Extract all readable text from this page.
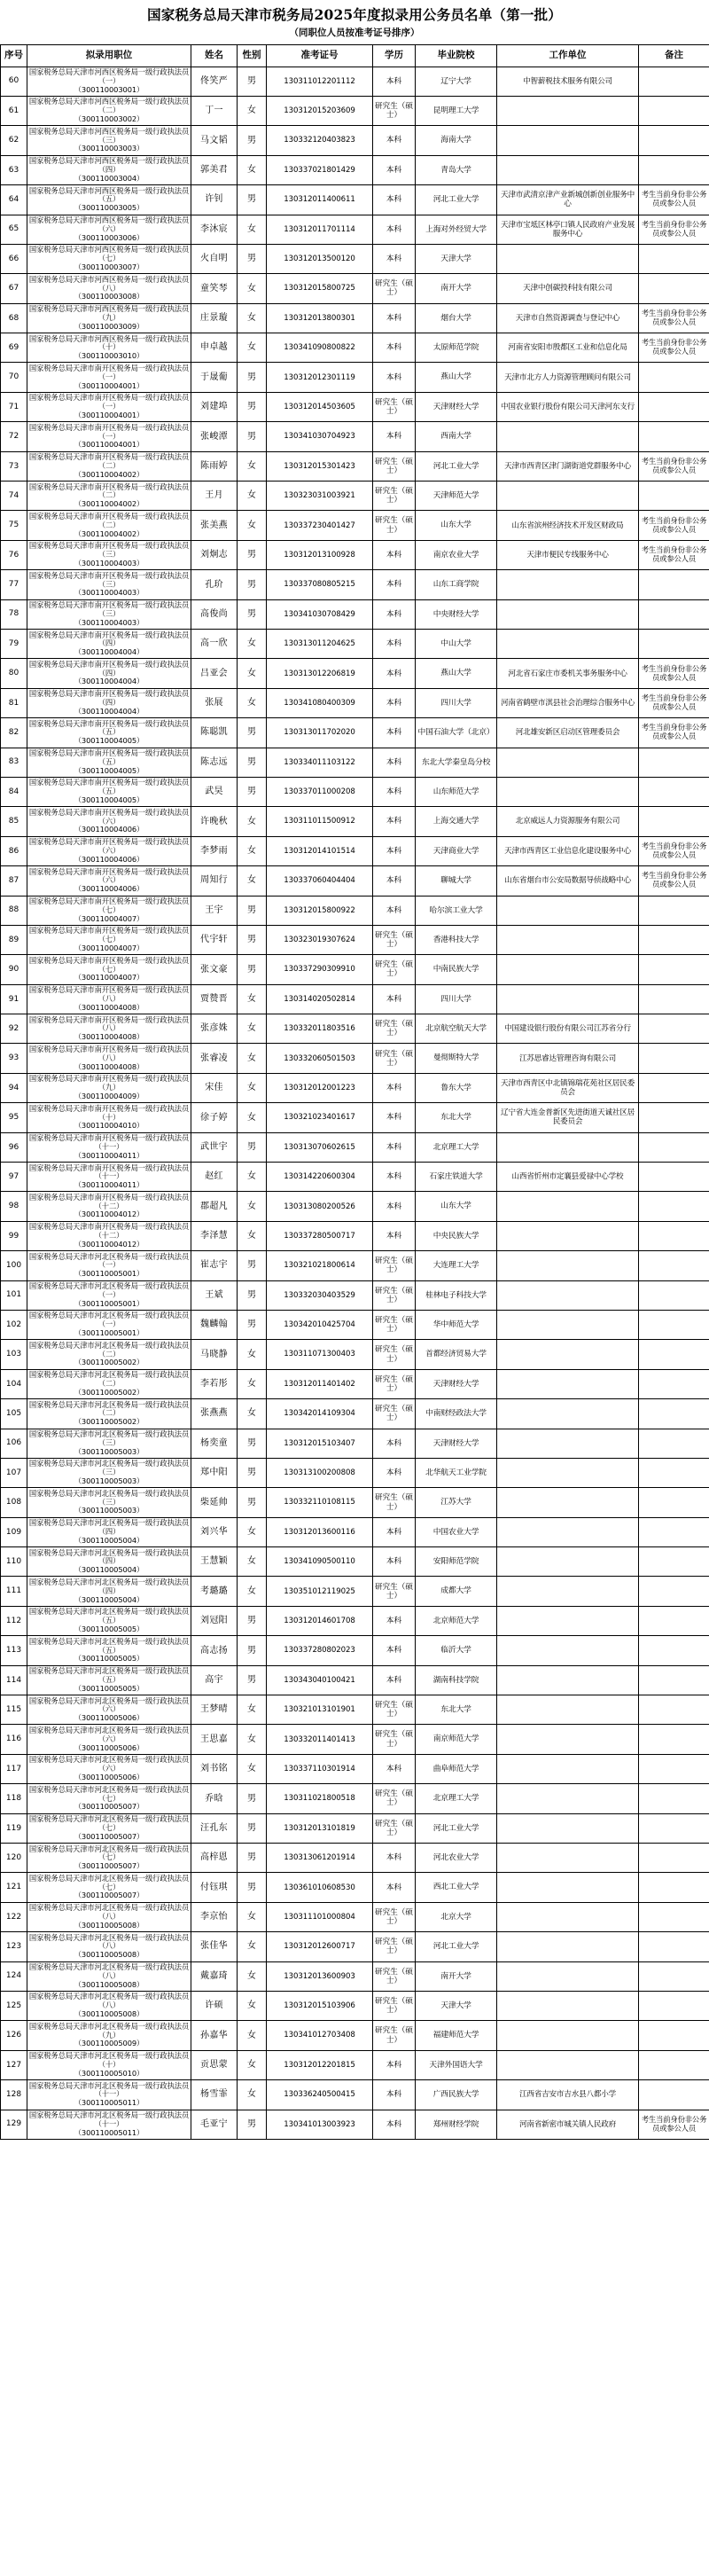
国家税务总局天津市税务局2025年度拟录用公务员名单（第一批）
（同职位人员按准考证号排序）
序号	拟录用职位	姓名	性别	准考证号	学历	毕业院校	工作单位	备注
60	国家税务总局天津市河西区税务局一级行政执法员（一）
（300110003001）	佟笑严	男	130311012201112	本科	辽宁大学	中智薪税技术服务有限公司	
61	国家税务总局天津市河西区税务局一级行政执法员（二）
（300110003002）	丁一	女	130312015203609	研究生（硕士）	昆明理工大学		
62	国家税务总局天津市河西区税务局一级行政执法员（三）
（300110003003）	马文韬	男	130332120403823	本科	海南大学		
63	国家税务总局天津市河西区税务局一级行政执法员（四）
（300110003004）	郭美君	女	130337021801429	本科	青岛大学		
64	国家税务总局天津市河西区税务局一级行政执法员（五）
（300110003005）	许钊	男	130312011400611	本科	河北工业大学	天津市武清京津产业新城创新创业服务中心	考生当前身份非公务员或参公人员
65	国家税务总局天津市河西区税务局一级行政执法员（六）
（300110003006）	李沐宸	女	130312011701114	本科	上海对外经贸大学	天津市宝坻区林亭口镇人民政府产业发展服务中心	考生当前身份非公务员或参公人员
66	国家税务总局天津市河西区税务局一级行政执法员（七）
（300110003007）	火自明	男	130312013500120	本科	天津大学		
67	国家税务总局天津市河西区税务局一级行政执法员（八）
（300110003008）	童笑琴	女	130312015800725	研究生（硕士）	南开大学	天津中创碳投科技有限公司	
68	国家税务总局天津市河西区税务局一级行政执法员（九）
（300110003009）	庄景璇	女	130312013800301	本科	烟台大学	天津市自然资源调查与登记中心	考生当前身份非公务员或参公人员
69	国家税务总局天津市河西区税务局一级行政执法员（十）
（300110003010）	申卓越	女	130341090800822	本科	太原师范学院	河南省安阳市殷都区工业和信息化局	考生当前身份非公务员或参公人员
70	国家税务总局天津市南开区税务局一级行政执法员（一）
（300110004001）	于晟葡	男	130312012301119	本科	燕山大学	天津市北方人力资源管理顾问有限公司	
71	国家税务总局天津市南开区税务局一级行政执法员（一）
（300110004001）	刘建埠	男	130312014503605	研究生（硕士）	天津财经大学	中国农业银行股份有限公司天津河东支行	
72	国家税务总局天津市南开区税务局一级行政执法员（一）
（300110004001）	张峻潭	男	130341030704923	本科	西南大学		
73	国家税务总局天津市南开区税务局一级行政执法员（二）
（300110004002）	陈雨婷	女	130312015301423	研究生（硕士）	河北工业大学	天津市西青区津门湖街道党群服务中心	考生当前身份非公务员或参公人员
74	国家税务总局天津市南开区税务局一级行政执法员（二）
（300110004002）	王月	女	130323031003921	研究生（硕士）	天津师范大学		
75	国家税务总局天津市南开区税务局一级行政执法员（二）
（300110004002）	张美燕	女	130337230401427	研究生（硕士）	山东大学	山东省滨州经济技术开发区财政局	考生当前身份非公务员或参公人员
76	国家税务总局天津市南开区税务局一级行政执法员（三）
（300110004003）	刘炯志	男	130312013100928	本科	南京农业大学	天津市便民专线服务中心	考生当前身份非公务员或参公人员
77	国家税务总局天津市南开区税务局一级行政执法员（三）
（300110004003）	孔玠	男	130337080805215	本科	山东工商学院		
78	国家税务总局天津市南开区税务局一级行政执法员（三）
（300110004003）	高俊尚	男	130341030708429	本科	中央财经大学		
79	国家税务总局天津市南开区税务局一级行政执法员（四）
（300110004004）	高一欣	女	130313011204625	本科	中山大学		
80	国家税务总局天津市南开区税务局一级行政执法员（四）
（300110004004）	吕亚会	女	130313012206819	本科	燕山大学	河北省石家庄市委机关事务服务中心	考生当前身份非公务员或参公人员
81	国家税务总局天津市南开区税务局一级行政执法员（四）
（300110004004）	张展	女	130341080400309	本科	四川大学	河南省鹤壁市淇县社会治理综合服务中心	考生当前身份非公务员或参公人员
82	国家税务总局天津市南开区税务局一级行政执法员（五）
（300110004005）	陈聪凯	男	130313011702020	本科	中国石油大学（北京）	河北雄安新区启动区管理委员会	考生当前身份非公务员或参公人员
83	国家税务总局天津市南开区税务局一级行政执法员（五）
（300110004005）	陈志远	男	130334011103122	本科	东北大学秦皇岛分校		
84	国家税务总局天津市南开区税务局一级行政执法员（五）
（300110004005）	武昊	男	130337011000208	本科	山东师范大学		
85	国家税务总局天津市南开区税务局一级行政执法员（六）
（300110004006）	许晚秋	女	130311011500912	本科	上海交通大学	北京威远人力资源服务有限公司	
86	国家税务总局天津市南开区税务局一级行政执法员（六）
（300110004006）	李梦雨	女	130312014101514	本科	天津商业大学	天津市西青区工业信息化建设服务中心	考生当前身份非公务员或参公人员
87	国家税务总局天津市南开区税务局一级行政执法员（六）
（300110004006）	周知行	女	130337060404404	本科	聊城大学	山东省烟台市公安局数据导侦战略中心	考生当前身份非公务员或参公人员
88	国家税务总局天津市南开区税务局一级行政执法员（七）
（300110004007）	王宇	男	130312015800922	本科	哈尔滨工业大学		
89	国家税务总局天津市南开区税务局一级行政执法员（七）
（300110004007）	代宇轩	男	130323019307624	研究生（硕士）	香港科技大学		
90	国家税务总局天津市南开区税务局一级行政执法员（七）
（300110004007）	张文豪	男	130337290309910	研究生（硕士）	中南民族大学		
91	国家税务总局天津市南开区税务局一级行政执法员（八）
（300110004008）	贾赞晋	女	130314020502814	本科	四川大学		
92	国家税务总局天津市南开区税务局一级行政执法员（八）
（300110004008）	张彦姝	女	130332011803516	研究生（硕士）	北京航空航天大学	中国建设银行股份有限公司江苏省分行	
93	国家税务总局天津市南开区税务局一级行政执法员（八）
（300110004008）	张睿凌	女	130332060501503	研究生（硕士）	曼彻斯特大学	江苏思睿达管理咨询有限公司	
94	国家税务总局天津市南开区税务局一级行政执法员（九）
（300110004009）	宋佳	女	130312012001223	本科	鲁东大学	天津市西青区中北镇锦瑞花苑社区居民委员会	
95	国家税务总局天津市南开区税务局一级行政执法员（十）
（300110004010）	徐子婷	女	130321023401617	本科	东北大学	辽宁省大连金普新区先进街道天诚社区居民委员会	
96	国家税务总局天津市南开区税务局一级行政执法员（十一）
（300110004011）	武世宇	男	130313070602615	本科	北京理工大学		
97	国家税务总局天津市南开区税务局一级行政执法员（十一）
（300110004011）	赵红	女	130314220600304	本科	石家庄铁道大学	山西省忻州市定襄县爱禄中心学校	
98	国家税务总局天津市南开区税务局一级行政执法员（十二）
（300110004012）	郡超凡	女	130313080200526	本科	山东大学		
99	国家税务总局天津市南开区税务局一级行政执法员（十二）
（300110004012）	李泽慧	女	130337280500717	本科	中央民族大学		
100	国家税务总局天津市河北区税务局一级行政执法员（一）
（300110005001）	崔志宇	男	130321021800614	研究生（硕士）	大连理工大学		
101	国家税务总局天津市河北区税务局一级行政执法员（一）
（300110005001）	王斌	男	130332030403529	研究生（硕士）	桂林电子科技大学		
102	国家税务总局天津市河北区税务局一级行政执法员（一）
（300110005001）	魏麟翰	男	130342010425704	研究生（硕士）	华中师范大学		
103	国家税务总局天津市河北区税务局一级行政执法员（二）
（300110005002）	马晓静	女	130311071300403	研究生（硕士）	首都经济贸易大学		
104	国家税务总局天津市河北区税务局一级行政执法员（二）
（300110005002）	李若彤	女	130312011401402	研究生（硕士）	天津财经大学		
105	国家税务总局天津市河北区税务局一级行政执法员（二）
（300110005002）	张燕燕	女	130342014109304	研究生（硕士）	中南财经政法大学		
106	国家税务总局天津市河北区税务局一级行政执法员（三）
（300110005003）	杨奕童	男	130312015103407	本科	天津财经大学		
107	国家税务总局天津市河北区税务局一级行政执法员（三）
（300110005003）	郑中阳	男	130313100200808	本科	北华航天工业学院		
108	国家税务总局天津市河北区税务局一级行政执法员（三）
（300110005003）	柴延帅	男	130332110108115	研究生（硕士）	江苏大学		
109	国家税务总局天津市河北区税务局一级行政执法员（四）
（300110005004）	刘兴华	女	130312013600116	本科	中国农业大学		
110	国家税务总局天津市河北区税务局一级行政执法员（四）
（300110005004）	王慧颖	女	130341090500110	本科	安阳师范学院		
111	国家税务总局天津市河北区税务局一级行政执法员（四）
（300110005004）	考璐璐	女	130351012119025	研究生（硕士）	成都大学		
112	国家税务总局天津市河北区税务局一级行政执法员（五）
（300110005005）	刘冠阳	男	130312014601708	本科	北京师范大学		
113	国家税务总局天津市河北区税务局一级行政执法员（五）
（300110005005）	高志扬	男	130337280802023	本科	临沂大学		
114	国家税务总局天津市河北区税务局一级行政执法员（五）
（300110005005）	高宇	男	130343040100421	本科	湖南科技学院		
115	国家税务总局天津市河北区税务局一级行政执法员（六）
（300110005006）	王梦晴	女	130321013101901	研究生（硕士）	东北大学		
116	国家税务总局天津市河北区税务局一级行政执法员（六）
（300110005006）	王思嘉	女	130332011401413	研究生（硕士）	南京师范大学		
117	国家税务总局天津市河北区税务局一级行政执法员（六）
（300110005006）	刘书铭	女	130337110301914	本科	曲阜师范大学		
118	国家税务总局天津市河北区税务局一级行政执法员（七）
（300110005007）	乔晗	男	130311021800518	研究生（硕士）	北京理工大学		
119	国家税务总局天津市河北区税务局一级行政执法员（七）
（300110005007）	汪孔东	男	130312013101819	研究生（硕士）	河北工业大学		
120	国家税务总局天津市河北区税务局一级行政执法员（七）
（300110005007）	高梓恩	男	130313061201914	本科	河北农业大学		
121	国家税务总局天津市河北区税务局一级行政执法员（七）
（300110005007）	付钰琪	男	130361010608530	本科	西北工业大学		
122	国家税务总局天津市河北区税务局一级行政执法员（八）
（300110005008）	李京怡	女	130311101000804	研究生（硕士）	北京大学		
123	国家税务总局天津市河北区税务局一级行政执法员（八）
（300110005008）	张佳华	女	130312012600717	研究生（硕士）	河北工业大学		
124	国家税务总局天津市河北区税务局一级行政执法员（八）
（300110005008）	戴嘉琦	女	130312013600903	研究生（硕士）	南开大学		
125	国家税务总局天津市河北区税务局一级行政执法员（八）
（300110005008）	许硕	女	130312015103906	研究生（硕士）	天津大学		
126	国家税务总局天津市河北区税务局一级行政执法员（九）
（300110005009）	孙嘉华	女	130341012703408	研究生（硕士）	福建师范大学		
127	国家税务总局天津市河北区税务局一级行政执法员（十）
（300110005010）	贡思蒙	女	130312012201815	本科	天津外国语大学		
128	国家税务总局天津市河北区税务局一级行政执法员（十一）
（300110005011）	杨雪霏	女	130336240500415	本科	广西民族大学	江西省吉安市吉水县八都小学	
129	国家税务总局天津市河北区税务局一级行政执法员（十一）
（300110005011）	毛亚宁	男	130341013003923	本科	郑州财经学院	河南省新密市城关镇人民政府	考生当前身份非公务员或参公人员
